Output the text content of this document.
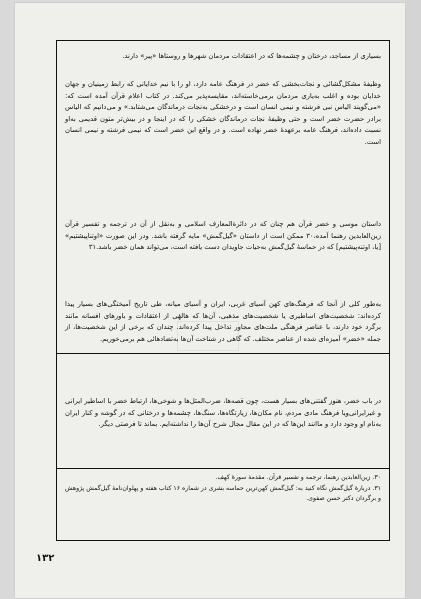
بسیاری از مساجد، درختان و چشمه‌ها که در اعتقادات مردمان شهرها و روستاها «پیر» دارند.

وظیفهٔ مشکل‌گشائی و نجات‌بخشی که خضر در فرهنگ عامه دارد، او را با نیم خدایانی که رابط زمینیان و جهان خدایان بوده و اغلب به‌یاری مردمان برمی‌خاسته‌اند، مقایسه‌پذیر می‌کند. در کتاب اعلام قرآن آمده است که: «می‌گویند الیاس نبی فرشته و نیمی انسان است و درخشکی به‌نجات درماندگان می‌شتابد.» و می‌دانیم که الیاس برادر حضرت خضر است و حتی وظیفهٔ نجات درماندگان خشکی را که در اینجا و در بیش‌تر متون قدیمی به‌او نسبت داده‌اند، فرهنگ عامه برعهدهٔ خضر نهاده است. و در واقع این خضر است که نیمی فرشته و نیمی انسان است.

داستان موسی و خضر قرآن هم چنان که در دائرةالمعارف اسلامی و به‌نقل از آن در ترجمه و تفسیر قرآن زین‌العابدین رهنما آمده،۳۰ ممکن است از داستان «گیل‌گمش» مایه گرفته باشد. ودر این صورت «اوتناپیشتیم» [یا، اوتنه‌پیشتیم] که در حماسهٔ گیل‌گمش به‌حیات جاویدان دست یافته است، می‌تواند همان خضر باشد.۳۱

به‌طور کلی از آنجا که فرهنگ‌های کهن آسیای غربی، ایران و آسیای میانه، طی تاریخ آمیختگی‌های بسیار پیدا کرده‌اند: شخصیت‌های اساطیری یا شخصیت‌های مذهبی، آن‌ها که هالهٔی از اعتقادات و باورهای افسانه مانند برگرد خود دارند، با عناصر فرهنگی ملت‌های مجاور تداخل پیدا کرده‌اند. چندان که برخی از این شخصیت‌ها، از جمله «خضر» آمیزه‌ای شده از عناصر مختلف. که گاهی در شناخت آن‌ها به‌تضادهائی هم برمی‌خوریم.

در باب خضر، هنوز گفتنی‌های بسیار هست، چون قصه‌ها، ضرب‌المثل‌ها و شوخی‌ها، ارتباط خضر با اساطیر ایرانی و غیرایرانی‌و‌یا فرهنگ مادی مردم، نام مکان‌ها، زیارتگاه‌ها، سنگ‌ها، چشمه‌ها و درختانی که در گوشه و کنار ایران به‌نام او وجود دارد و ماانند این‌ها که در این مقال مجال شرح آن‌ها را نداشته‌ایم. بماند تا فرصتی دیگر.

۳۰. زین‌العابدین رهنما، ترجمه و تفسیر قرآن. مقدمهٔ سورهٔ کهف.

۳۱. دربارهٔ گیل‌گمش نگاه کنید به: گیل‌گمش کهن‌ترین حماسه بشری در شماره ۱۶ کتاب هفته و پهلوان‌نامهٔ گیل‌گمش پژوهش و برگردان دکتر حسن صفوی.

۱۳۲
